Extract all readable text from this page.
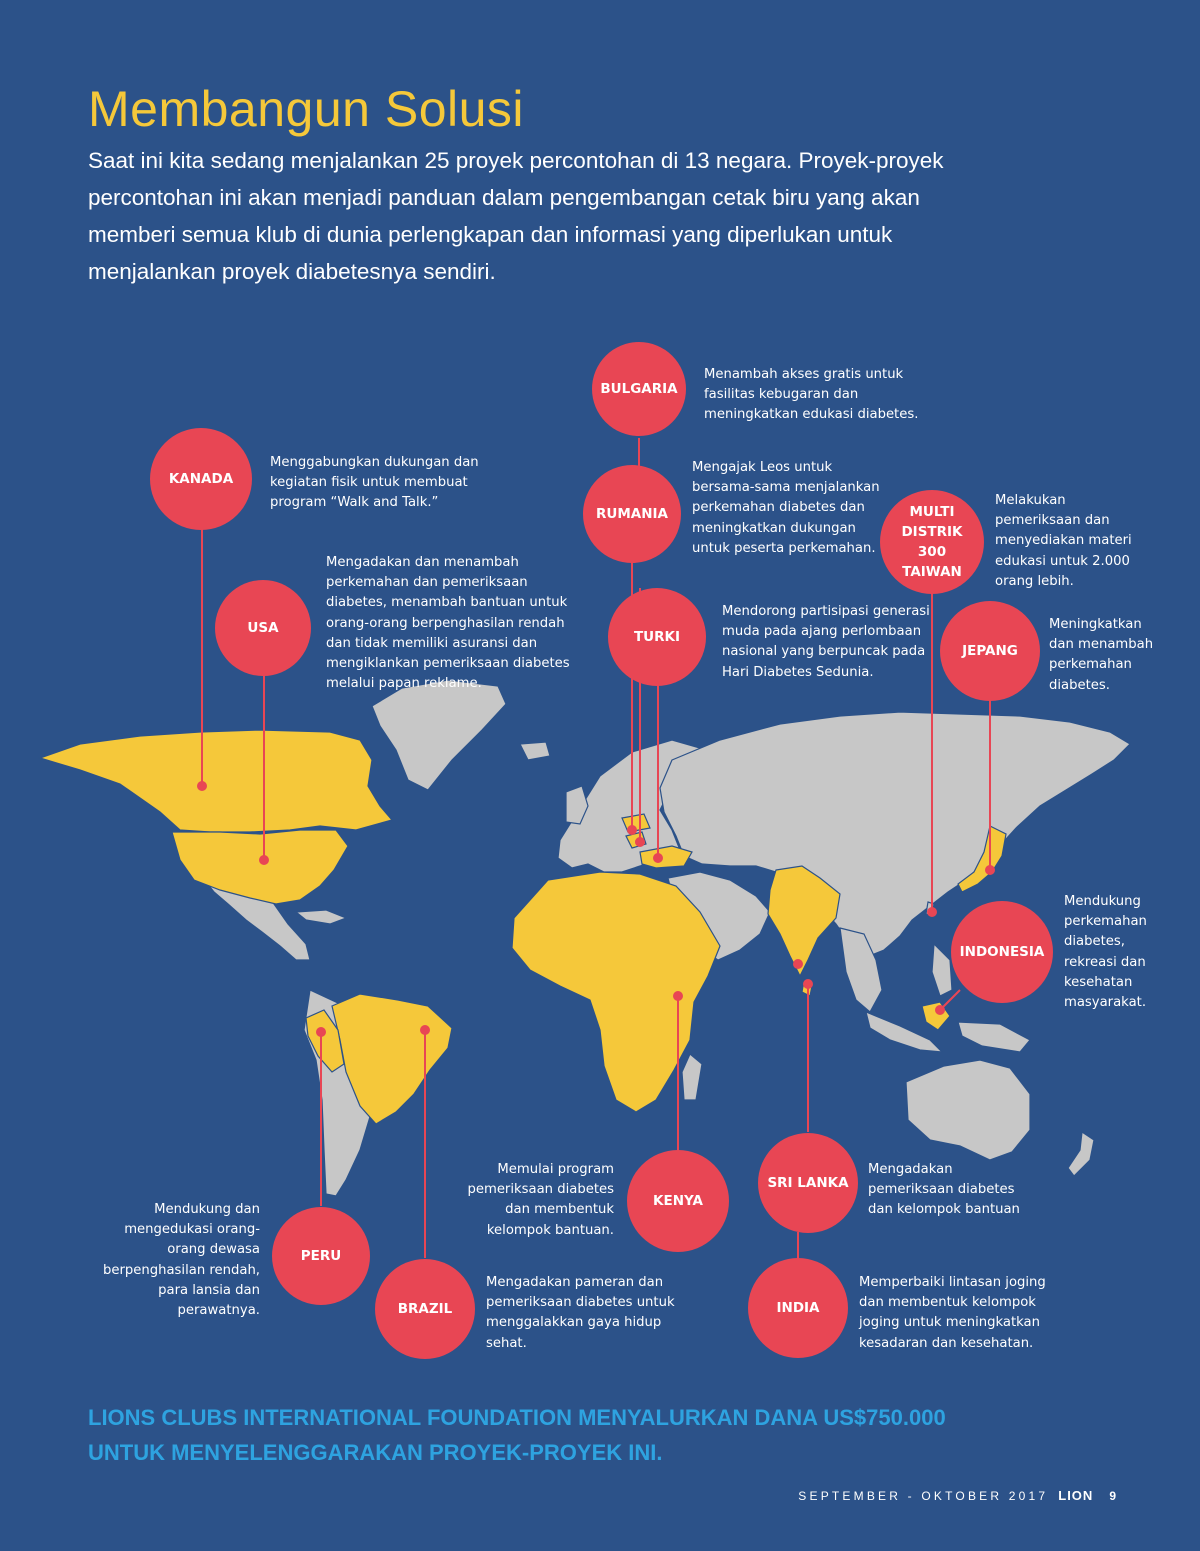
Membangun Solusi

Saat ini kita sedang menjalankan 25 proyek percontohan di 13 negara. Proyek-proyek percontohan ini akan menjadi panduan dalam pengembangan cetak biru yang akan memberi semua klub di dunia perlengkapan dan informasi yang diperlukan untuk menjalankan proyek diabetesnya sendiri.

BULGARIA

Menambah akses gratis untuk fasilitas kebugaran dan meningkatkan edukasi diabetes.

KANADA

Menggabungkan dukungan dan kegiatan fisik untuk membuat program “Walk and Talk.”

RUMANIA

Mengajak Leos untuk bersama-sama menjalankan perkemahan diabetes dan meningkatkan dukungan untuk peserta perkemahan.

MULTI DISTRIK 300 TAIWAN

Melakukan pemeriksaan dan menyediakan materi edukasi untuk 2.000 orang lebih.

USA

Mengadakan dan menambah perkemahan dan pemeriksaan diabetes, menambah bantuan untuk orang-orang berpenghasilan rendah dan tidak memiliki asuransi dan mengiklankan pemeriksaan diabetes melalui papan reklame.

TURKI

Mendorong partisipasi generasi muda pada ajang perlombaan nasional yang berpuncak pada Hari Diabetes Sedunia.

JEPANG

Meningkatkan dan menambah perkemahan diabetes.

INDONESIA

Mendukung perkemahan diabetes, rekreasi dan kesehatan masyarakat.

KENYA

Memulai program pemeriksaan diabetes dan membentuk kelompok bantuan.

SRI LANKA

Mengadakan pemeriksaan diabetes dan kelompok bantuan

PERU

Mendukung dan mengedukasi orang-orang dewasa berpenghasilan rendah, para lansia dan perawatnya.	BRAZIL

Mengadakan pameran dan pemeriksaan diabetes untuk menggalakkan gaya hidup sehat.

INDIA

Memperbaiki lintasan joging dan membentuk kelompok joging untuk meningkatkan kesadaran dan kesehatan.

LIONS CLUBS INTERNATIONAL FOUNDATION MENYALURKAN DANA US$750.000 UNTUK MENYELENGGARAKAN PROYEK-PROYEK INI.

SEPTEMBER - OKTOBER 2017 LION 9
